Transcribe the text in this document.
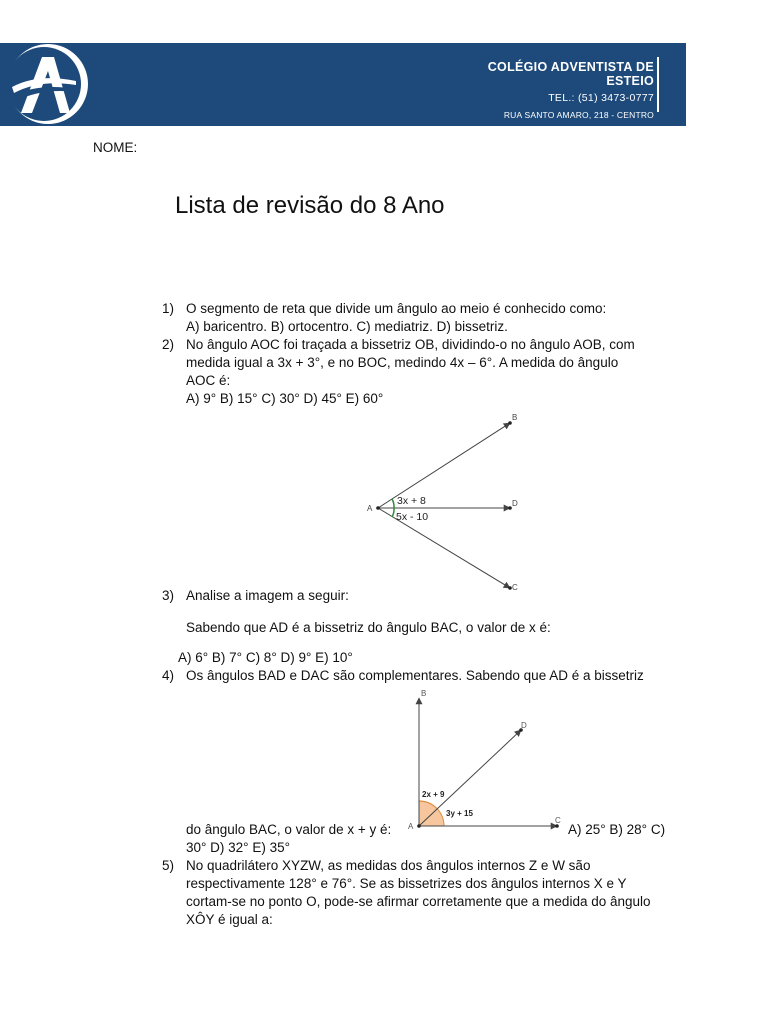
COLÉGIO ADVENTISTA DE ESTEIO
TEL.: (51) 3473-0777
RUA SANTO AMARO, 218 - CENTRO
NOME:
Lista de revisão do 8 Ano
1) O segmento de reta que divide um ângulo ao meio é conhecido como:
A) baricentro. B) ortocentro. C) mediatriz. D) bissetriz.
2) No ângulo AOC foi traçada a bissetriz OB, dividindo-o no ângulo AOB, com
medida igual a 3x + 3°, e no BOC, medindo 4x – 6°. A medida do ângulo
AOC é:
A) 9° B) 15° C) 30° D) 45° E) 60°
A
B
D
C
3x + 8
5x - 10
3) Analise a imagem a seguir:
Sabendo que AD é a bissetriz do ângulo BAC, o valor de x é:
A) 6° B) 7° C) 8° D) 9° E) 10°
4) Os ângulos BAD e DAC são complementares. Sabendo que AD é a bissetriz
A
B
D
C
2x + 9
3y + 15
do ângulo BAC, o valor de x + y é:	A) 25° B) 28° C)
30° D) 32° E) 35°
5) No quadrilátero XYZW, as medidas dos ângulos internos Z e W são
respectivamente 128° e 76°. Se as bissetrizes dos ângulos internos X e Y
cortam-se no ponto O, pode-se afirmar corretamente que a medida do ângulo
XÔY é igual a:
